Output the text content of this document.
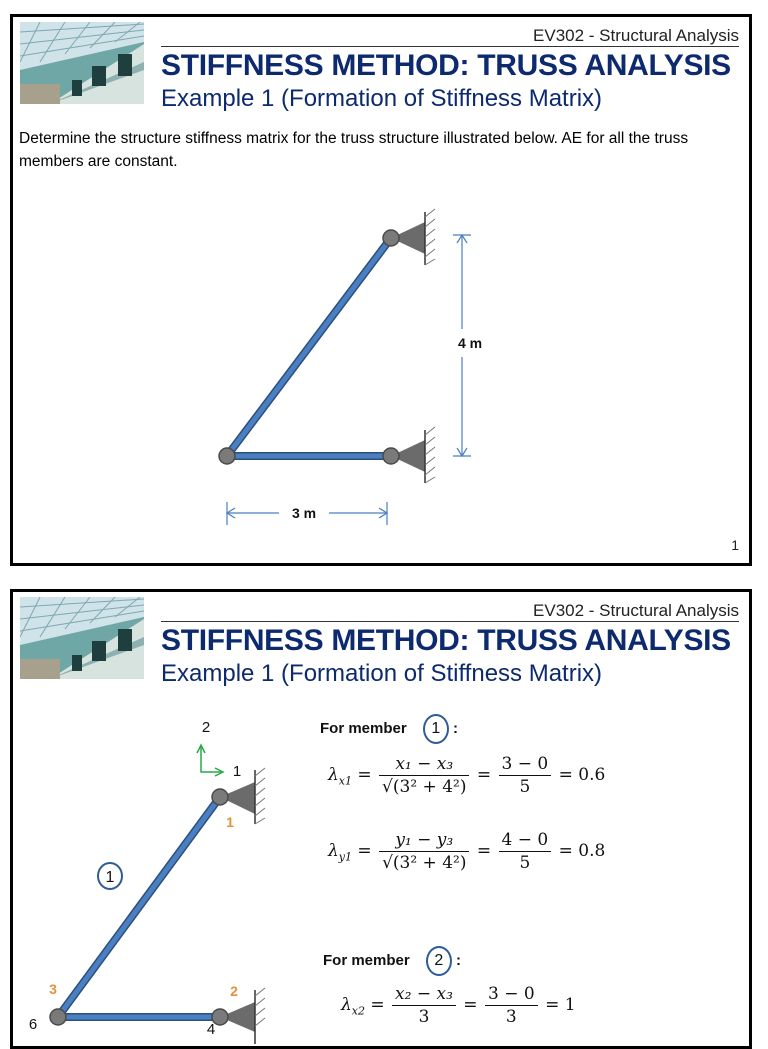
EV302 - Structural Analysis
STIFFNESS METHOD: TRUSS ANALYSIS
Example 1 (Formation of Stiffness Matrix)
Determine the structure stiffness matrix for the truss structure illustrated below. AE for all the truss members are constant.
4 m
3 m
1
EV302 - Structural Analysis
STIFFNESS METHOD: TRUSS ANALYSIS
Example 1 (Formation of Stiffness Matrix)
2
1
6	4
1
2
3
1
For member 1 :
$\lambda_{x1} = \frac{\text{x₁ − x₃}}{\text{√(3² + 4²)}} = \frac{3 - 0}{5} = 0.6$
$\lambda_{y1} = \frac{\text{y₁ − y₃}}{\text{√(3² + 4²)}} = \frac{4 - 0}{5} = 0.8$
For member 2 :
$\lambda_{x2} = \frac{\text{x₂ − x₃}}{3} = \frac{3 - 0}{3} = 1$
